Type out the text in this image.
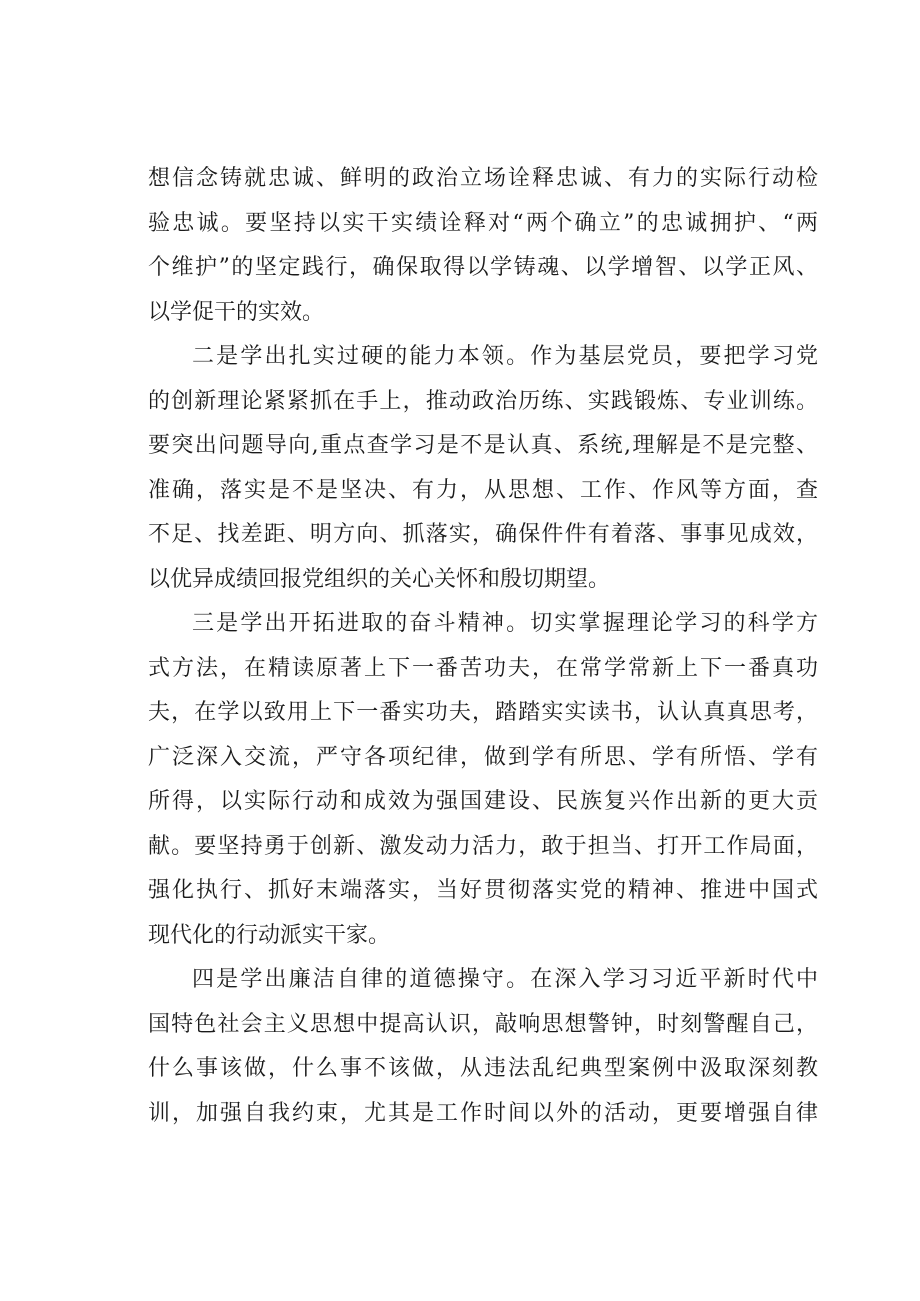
想信念铸就忠诚、鲜明的政治立场诠释忠诚、有力的实际行动检
验忠诚。要坚持以实干实绩诠释对“两个确立”的忠诚拥护、“两
个维护”的坚定践行，确保取得以学铸魂、以学增智、以学正风、
以学促干的实效。
二是学出扎实过硬的能力本领。作为基层党员，要把学习党
的创新理论紧紧抓在手上，推动政治历练、实践锻炼、专业训练。
要突出问题导向,重点查学习是不是认真、系统,理解是不是完整、
准确，落实是不是坚决、有力，从思想、工作、作风等方面，查
不足、找差距、明方向、抓落实，确保件件有着落、事事见成效，
以优异成绩回报党组织的关心关怀和殷切期望。
三是学出开拓进取的奋斗精神。切实掌握理论学习的科学方
式方法，在精读原著上下一番苦功夫，在常学常新上下一番真功
夫，在学以致用上下一番实功夫，踏踏实实读书，认认真真思考，
广泛深入交流，严守各项纪律，做到学有所思、学有所悟、学有
所得，以实际行动和成效为强国建设、民族复兴作出新的更大贡
献。要坚持勇于创新、激发动力活力，敢于担当、打开工作局面，
强化执行、抓好末端落实，当好贯彻落实党的精神、推进中国式
现代化的行动派实干家。
四是学出廉洁自律的道德操守。在深入学习习近平新时代中
国特色社会主义思想中提高认识，敲响思想警钟，时刻警醒自己，
什么事该做，什么事不该做，从违法乱纪典型案例中汲取深刻教
训，加强自我约束，尤其是工作时间以外的活动，更要增强自律
